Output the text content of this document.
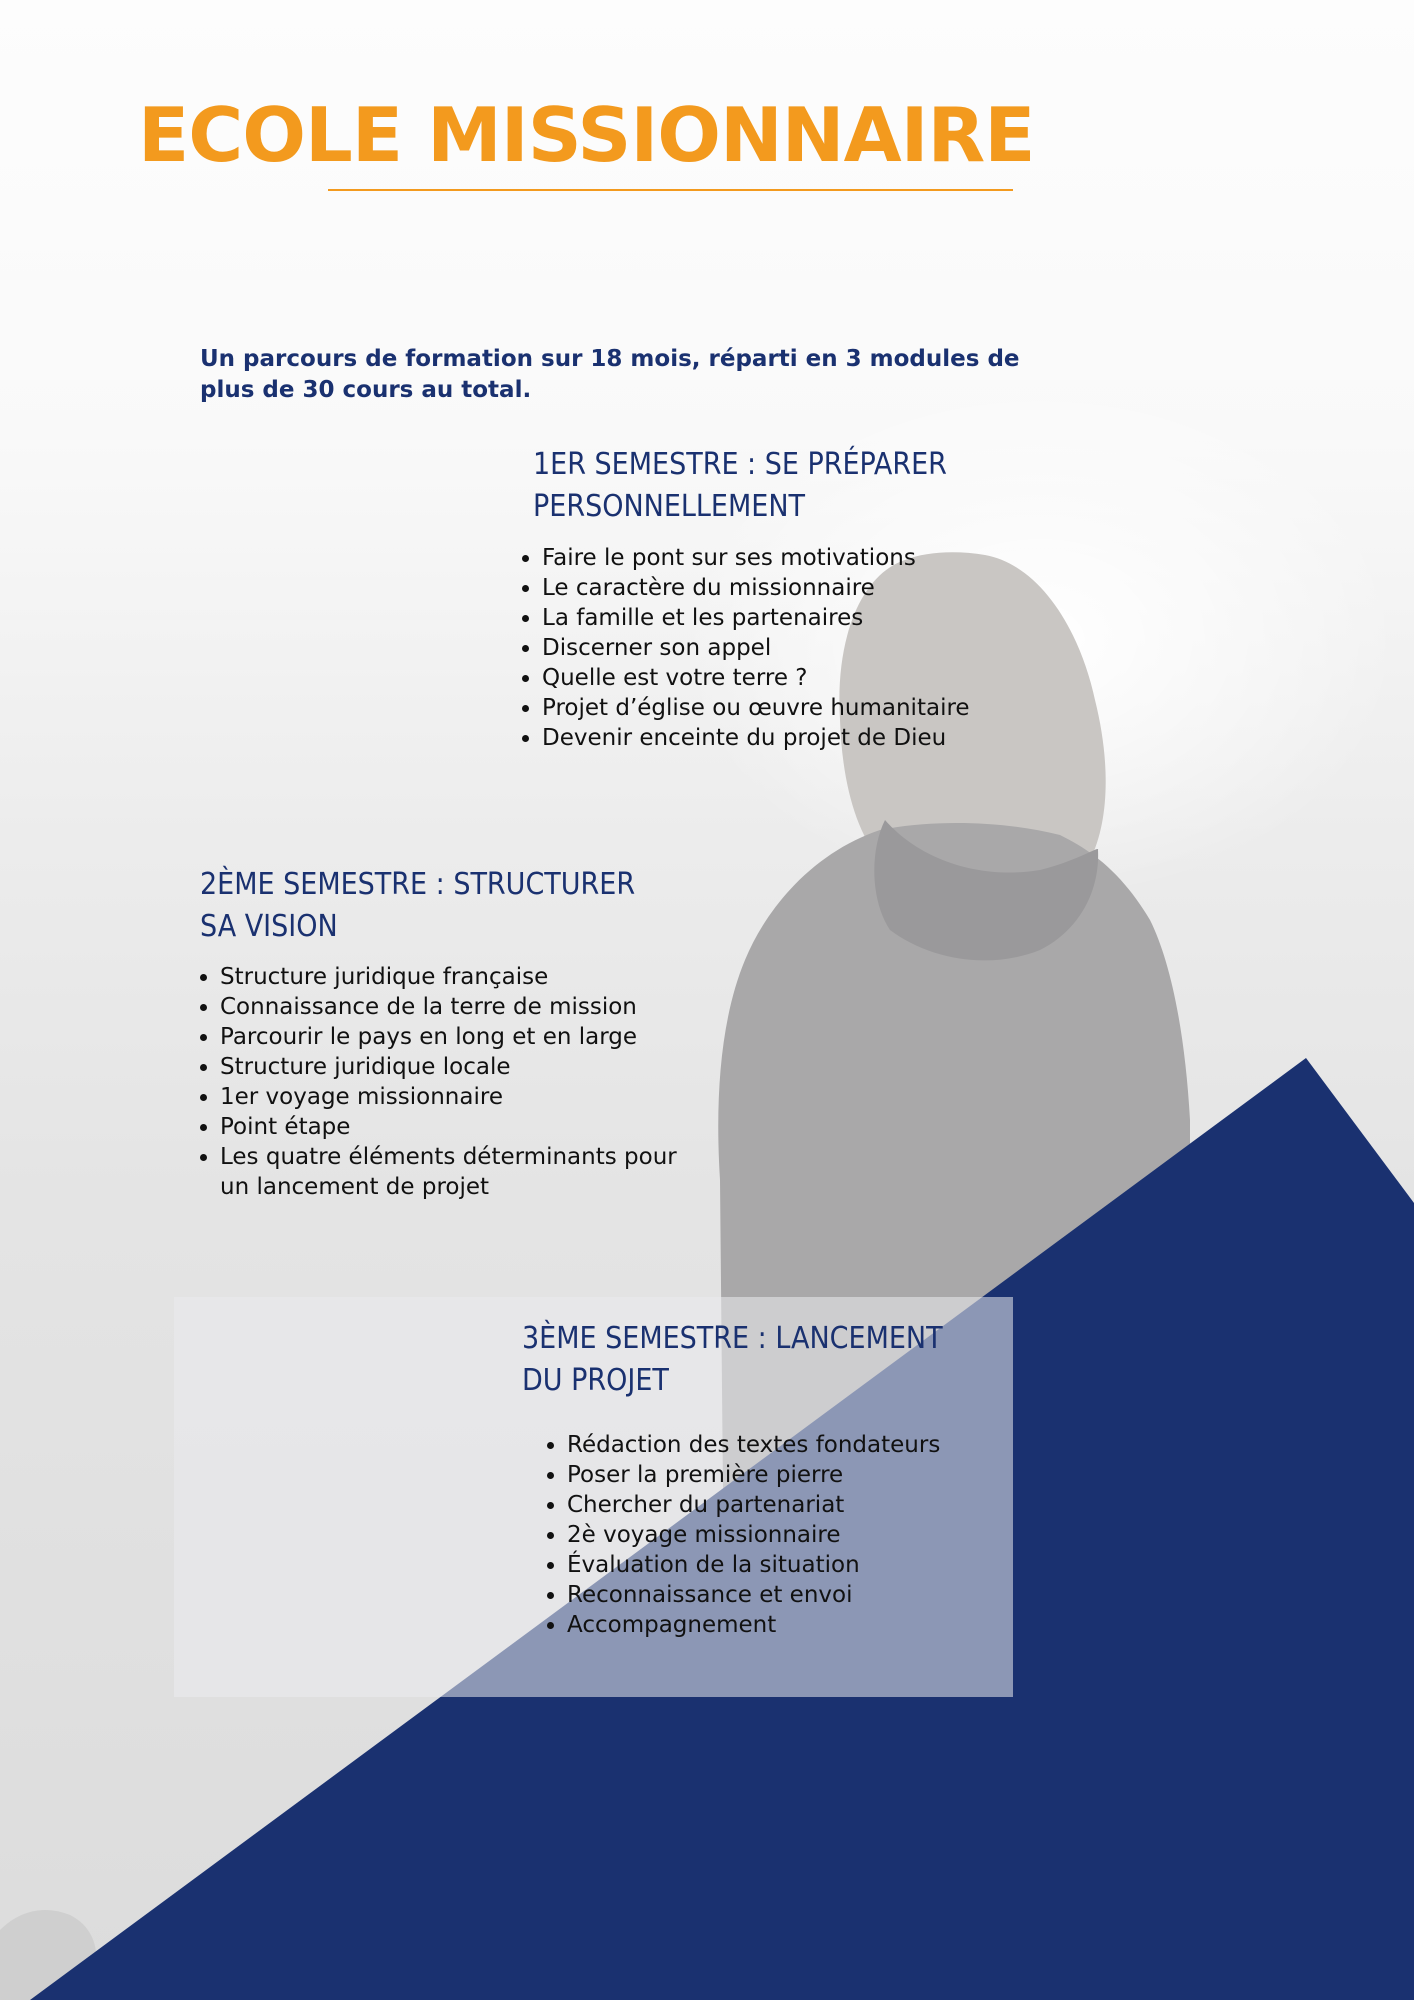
ECOLE MISSIONNAIRE

Un parcours de formation sur 18 mois, réparti en 3 modules de plus de 30 cours au total.

1ER SEMESTRE : SE PRÉPARER
PERSONNELLEMENT
• Faire le pont sur ses motivations
• Le caractère du missionnaire
• La famille et les partenaires
• Discerner son appel
• Quelle est votre terre ?
• Projet d’église ou œuvre humanitaire
• Devenir enceinte du projet de Dieu
2ÈME SEMESTRE : STRUCTURER
SA VISION
• Structure juridique française
• Connaissance de la terre de mission
• Parcourir le pays en long et en large
• Structure juridique locale
• 1er voyage missionnaire
• Point étape
• Les quatre éléments déterminants pour un lancement de projet
3ÈME SEMESTRE : LANCEMENT
DU PROJET
• Rédaction des textes fondateurs
• Poser la première pierre
• Chercher du partenariat
• 2è voyage missionnaire
• Évaluation de la situation
• Reconnaissance et envoi
• Accompagnement
